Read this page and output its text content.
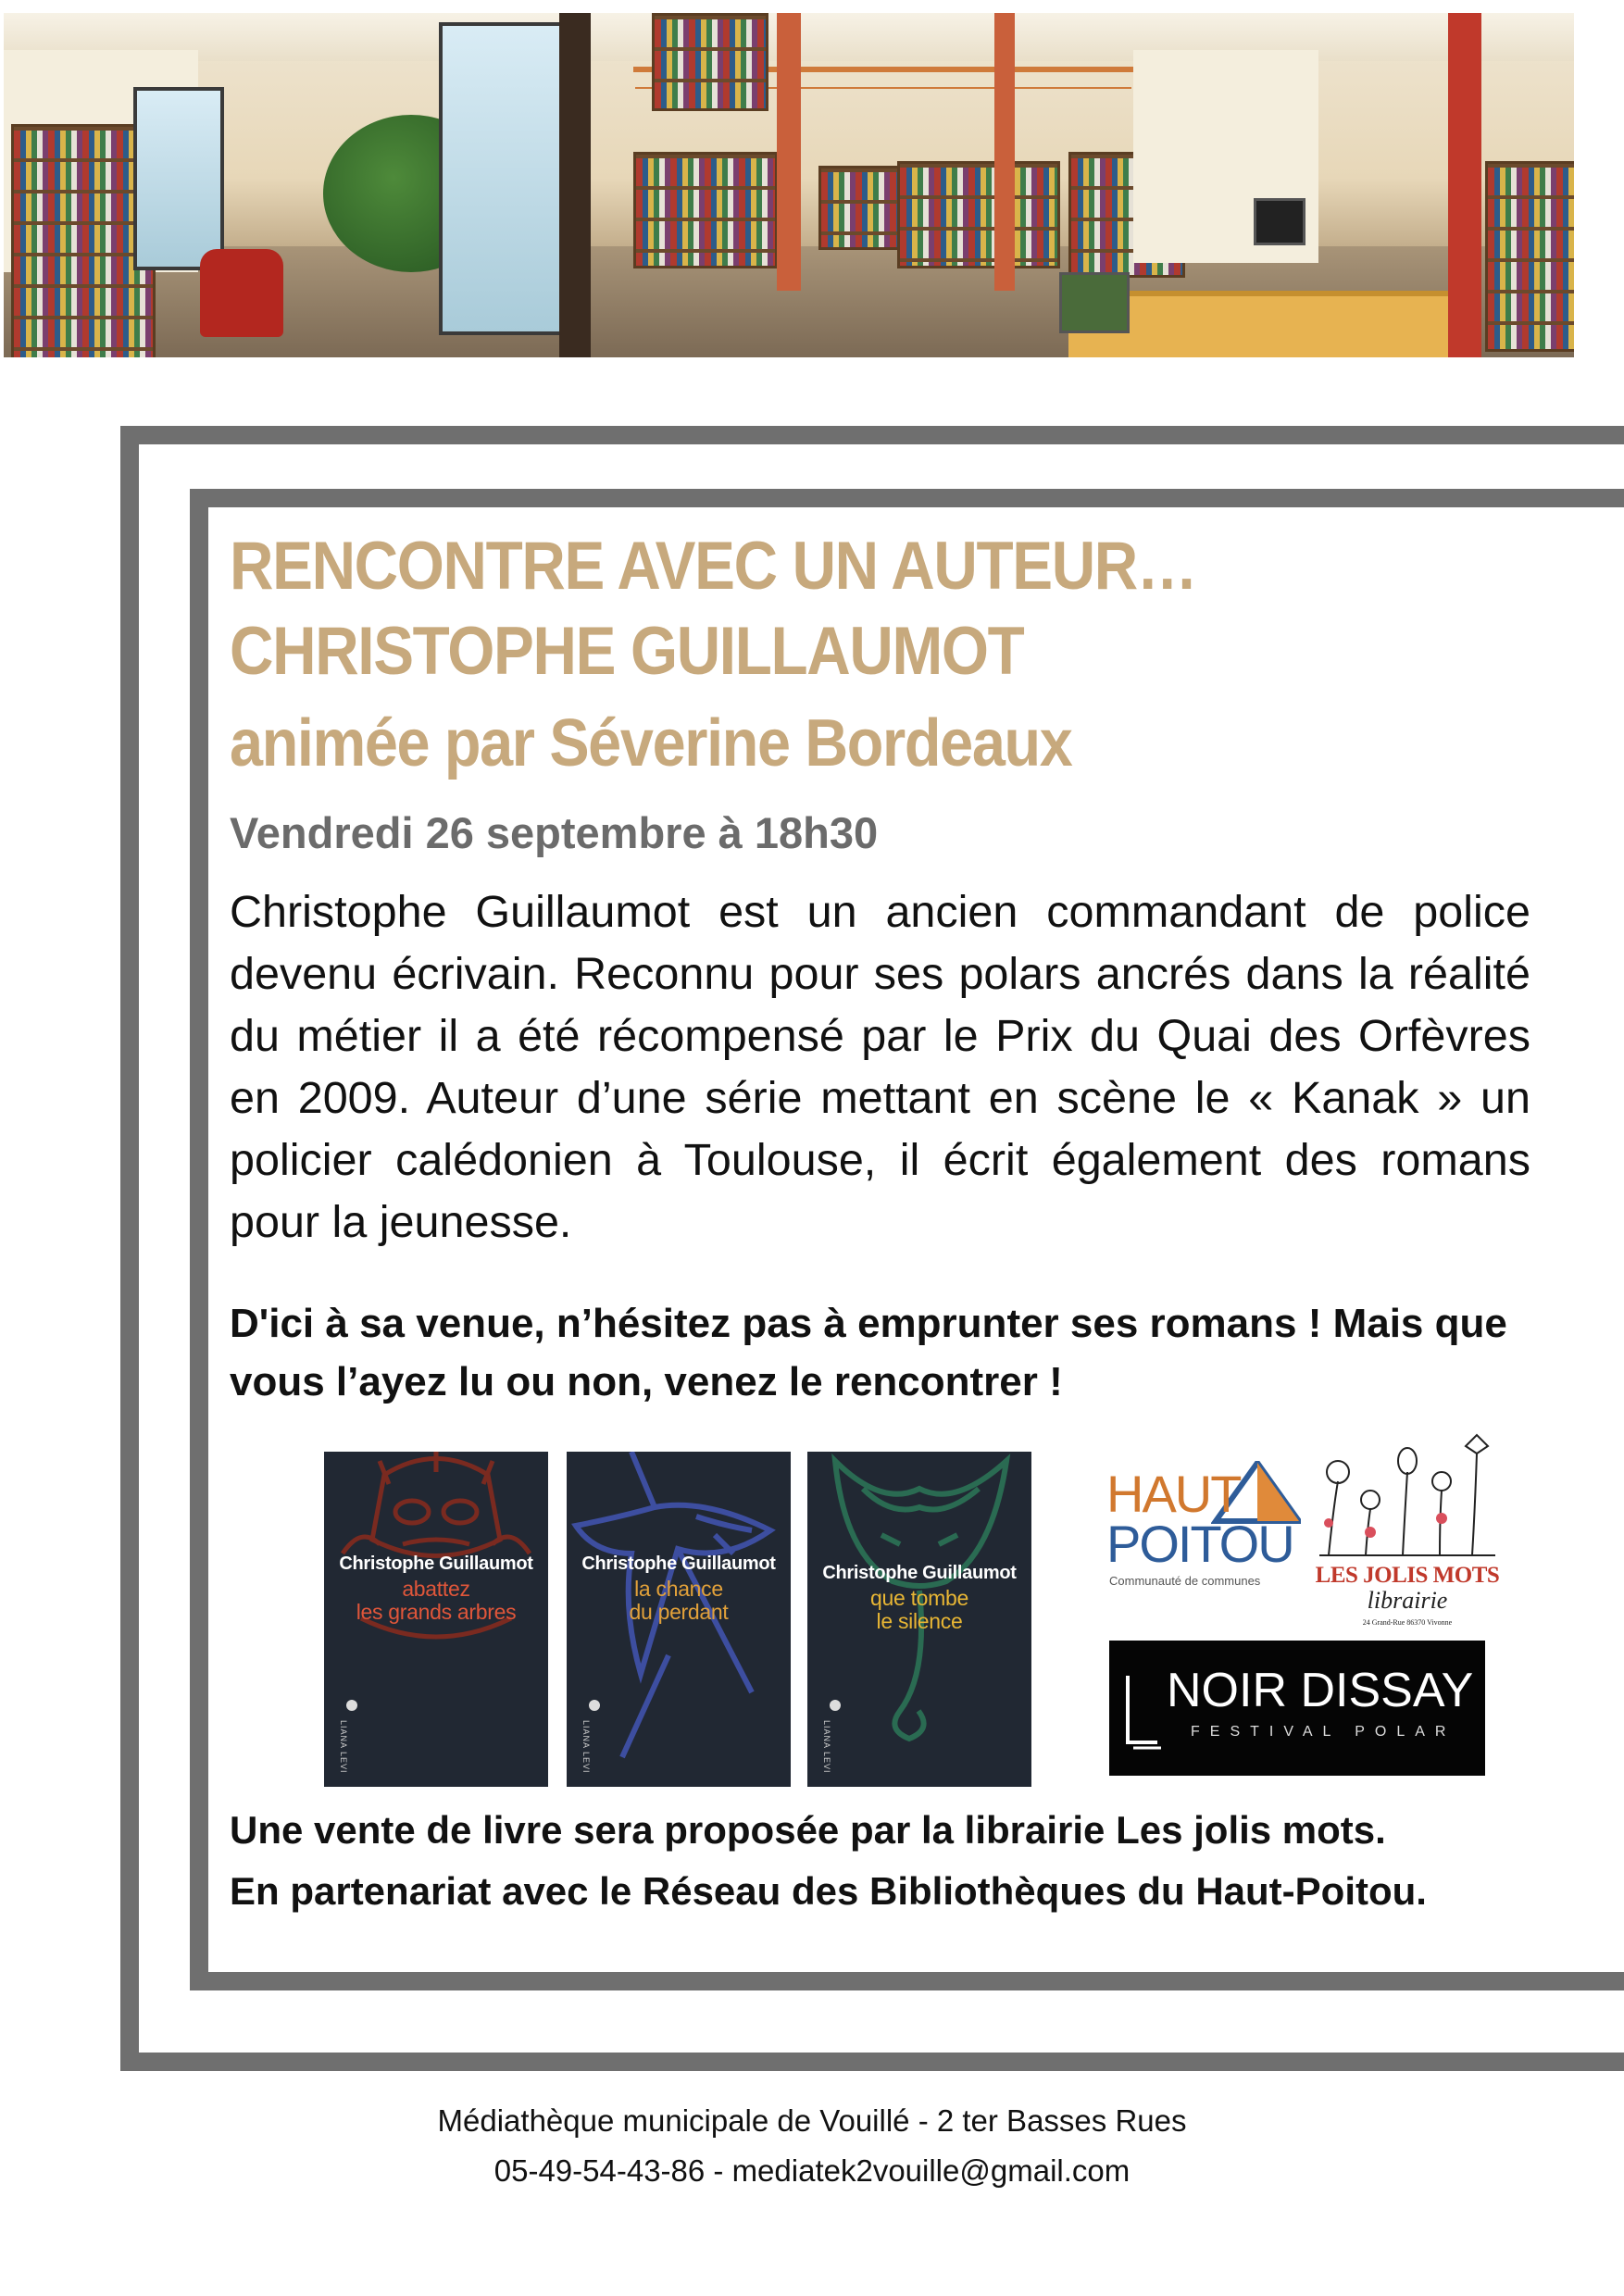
RENCONTRE AVEC UN AUTEUR…
CHRISTOPHE GUILLAUMOT
animée par Séverine Bordeaux
Vendredi 26 septembre à 18h30

Christophe Guillaumot est un ancien commandant de police devenu écrivain. Reconnu pour ses polars ancrés dans la réalité du métier il a été récompensé par le Prix du Quai des Orfèvres en 2009. Auteur d’une série mettant en scène le « Kanak » un policier calédonien à Toulouse, il écrit également des romans pour la jeunesse.

D'ici à sa venue, n’hésitez pas à emprunter ses romans ! Mais que vous l’ayez lu ou non, venez le rencontrer !

Christophe Guillaumot
abattez
les grands arbres
LIANA LEVI
Christophe Guillaumot
la chance
du perdant
LIANA LEVI
Christophe Guillaumot
que tombe
le silence
LIANA LEVI
HAUT
POITOU
Communauté de communes	LES JOLIS MOTS
librairie
24 Grand-Rue 86370 Vivonne
NOIR DISSAY
FESTIVAL POLAR
Une vente de livre sera proposée par la librairie Les jolis mots.
En partenariat avec le Réseau des Bibliothèques du Haut-Poitou.
Médiathèque municipale de Vouillé - 2 ter Basses Rues
05-49-54-43-86 - mediatek2vouille@gmail.com
